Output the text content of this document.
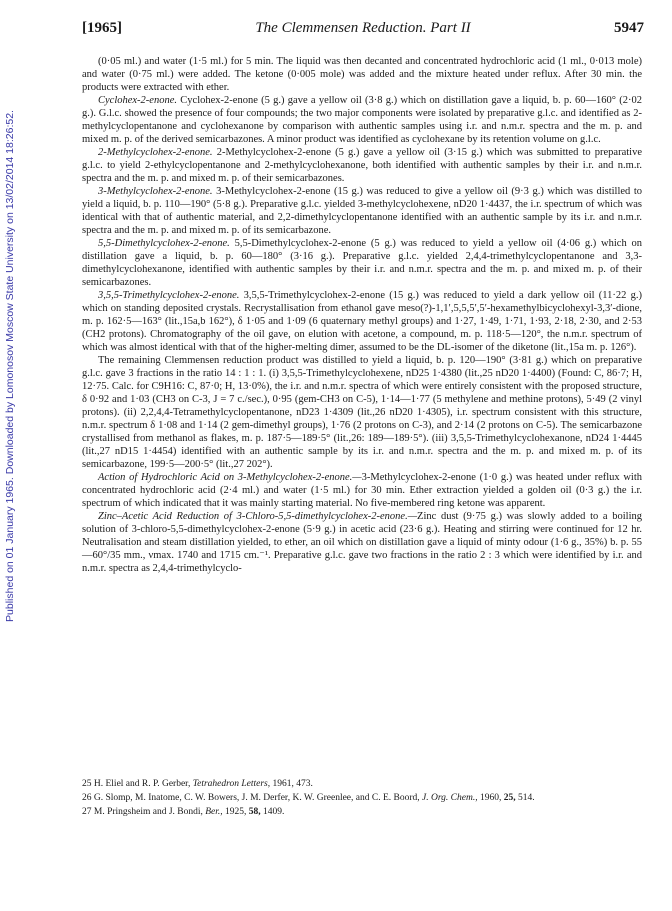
[1965]	The Clemmensen Reduction. Part II	5947
Published on 01 January 1965. Downloaded by Lomonosov Moscow State University on 13/02/2014 18:26:52.

(0·05 ml.) and water (1·5 ml.) for 5 min. The liquid was then decanted and concentrated hydrochloric acid (1 ml., 0·013 mole) and water (0·75 ml.) were added. The ketone (0·005 mole) was added and the mixture heated under reflux. After 30 min. the products were extracted with ether.

Cyclohex-2-enone. Cyclohex-2-enone (5 g.) gave a yellow oil (3·8 g.) which on distillation gave a liquid, b. p. 60—160° (2·02 g.). G.l.c. showed the presence of four compounds; the two major components were isolated by preparative g.l.c. and identified as 2-methylcyclopentanone and cyclohexanone by comparison with authentic samples using i.r. and n.m.r. spectra and the m. p. and mixed m. p. of the derived semicarbazones. A minor product was identified as cyclohexane by its retention volume on g.l.c.

2-Methylcyclohex-2-enone. 2-Methylcyclohex-2-enone (5 g.) gave a yellow oil (3·15 g.) which was submitted to preparative g.l.c. to yield 2-ethylcyclopentanone and 2-methylcyclohexanone, both identified with authentic samples by their i.r. and n.m.r. spectra and the m. p. and mixed m. p. of their semicarbazones.

3-Methylcyclohex-2-enone. 3-Methylcyclohex-2-enone (15 g.) was reduced to give a yellow oil (9·3 g.) which was distilled to yield a liquid, b. p. 110—190° (5·8 g.). Preparative g.l.c. yielded 3-methylcyclohexene, nD20 1·4437, the i.r. spectrum of which was identical with that of authentic material, and 2,2-dimethylcyclopentanone identified with an authentic sample by its i.r. and n.m.r. spectra and the m. p. and mixed m. p. of its semicarbazone.

5,5-Dimethylcyclohex-2-enone. 5,5-Dimethylcyclohex-2-enone (5 g.) was reduced to yield a yellow oil (4·06 g.) which on distillation gave a liquid, b. p. 60—180° (3·16 g.). Preparative g.l.c. yielded 2,4,4-trimethylcyclopentanone and 3,3-dimethylcyclohexanone, identified with authentic samples by their i.r. and n.m.r. spectra and the m. p. and mixed m. p. of their semicarbazones.

3,5,5-Trimethylcyclohex-2-enone. 3,5,5-Trimethylcyclohex-2-enone (15 g.) was reduced to yield a dark yellow oil (11·22 g.) which on standing deposited crystals. Recrystallisation from ethanol gave meso(?)-1,1′,5,5,5′,5′-hexamethylbicyclohexyl-3,3′-dione, m. p. 162·5—163° (lit.,15a,b 162°), δ 1·05 and 1·09 (6 quaternary methyl groups) and 1·27, 1·49, 1·71, 1·93, 2·18, 2·30, and 2·53 (CH2 protons). Chromatography of the oil gave, on elution with acetone, a compound, m. p. 118·5—120°, the n.m.r. spectrum of which was almost identical with that of the higher-melting dimer, assumed to be the DL-isomer of the diketone (lit.,15a m. p. 126°).

The remaining Clemmensen reduction product was distilled to yield a liquid, b. p. 120—190° (3·81 g.) which on preparative g.l.c. gave 3 fractions in the ratio 14 : 1 : 1. (i) 3,5,5-Trimethylcyclohexene, nD25 1·4380 (lit.,25 nD20 1·4400) (Found: C, 86·7; H, 12·75. Calc. for C9H16: C, 87·0; H, 13·0%), the i.r. and n.m.r. spectra of which were entirely consistent with the proposed structure, δ 0·92 and 1·03 (CH3 on C-3, J = 7 c./sec.), 0·95 (gem-CH3 on C-5), 1·14—1·77 (5 methylene and methine protons), 5·49 (2 vinyl protons). (ii) 2,2,4,4-Tetramethylcyclopentanone, nD23 1·4309 (lit.,26 nD20 1·4305), i.r. spectrum consistent with this structure, n.m.r. spectrum δ 1·08 and 1·14 (2 gem-dimethyl groups), 1·76 (2 protons on C-3), and 2·14 (2 protons on C-5). The semicarbazone crystallised from methanol as flakes, m. p. 187·5—189·5° (lit.,26: 189—189·5°). (iii) 3,5,5-Trimethylcyclohexanone, nD24 1·4445 (lit.,27 nD15 1·4454) identified with an authentic sample by its i.r. and n.m.r. spectra and the m. p. and mixed m. p. of its semicarbazone, 199·5—200·5° (lit.,27 202°).

Action of Hydrochloric Acid on 3-Methylcyclohex-2-enone.—3-Methylcyclohex-2-enone (1·0 g.) was heated under reflux with concentrated hydrochloric acid (2·4 ml.) and water (1·5 ml.) for 30 min. Ether extraction yielded a golden oil (0·3 g.) the i.r. spectrum of which indicated that it was mainly starting material. No five-membered ring ketone was apparent.

Zinc–Acetic Acid Reduction of 3-Chloro-5,5-dimethylcyclohex-2-enone.—Zinc dust (9·75 g.) was slowly added to a boiling solution of 3-chloro-5,5-dimethylcyclohex-2-enone (5·9 g.) in acetic acid (23·6 g.). Heating and stirring were continued for 12 hr. Neutralisation and steam distillation yielded, to ether, an oil which on distillation gave a liquid of minty odour (1·6 g., 35%) b. p. 55—60°/35 mm., νmax. 1740 and 1715 cm.⁻¹. Preparative g.l.c. gave two fractions in the ratio 2 : 3 which were identified by i.r. and n.m.r. spectra as 2,4,4-trimethylcyclo-

25 H. Eliel and R. P. Gerber, Tetrahedron Letters, 1961, 473.

26 G. Slomp, M. Inatome, C. W. Bowers, J. M. Derfer, K. W. Greenlee, and C. E. Boord, J. Org. Chem., 1960, 25, 514.

27 M. Pringsheim and J. Bondi, Ber., 1925, 58, 1409.
